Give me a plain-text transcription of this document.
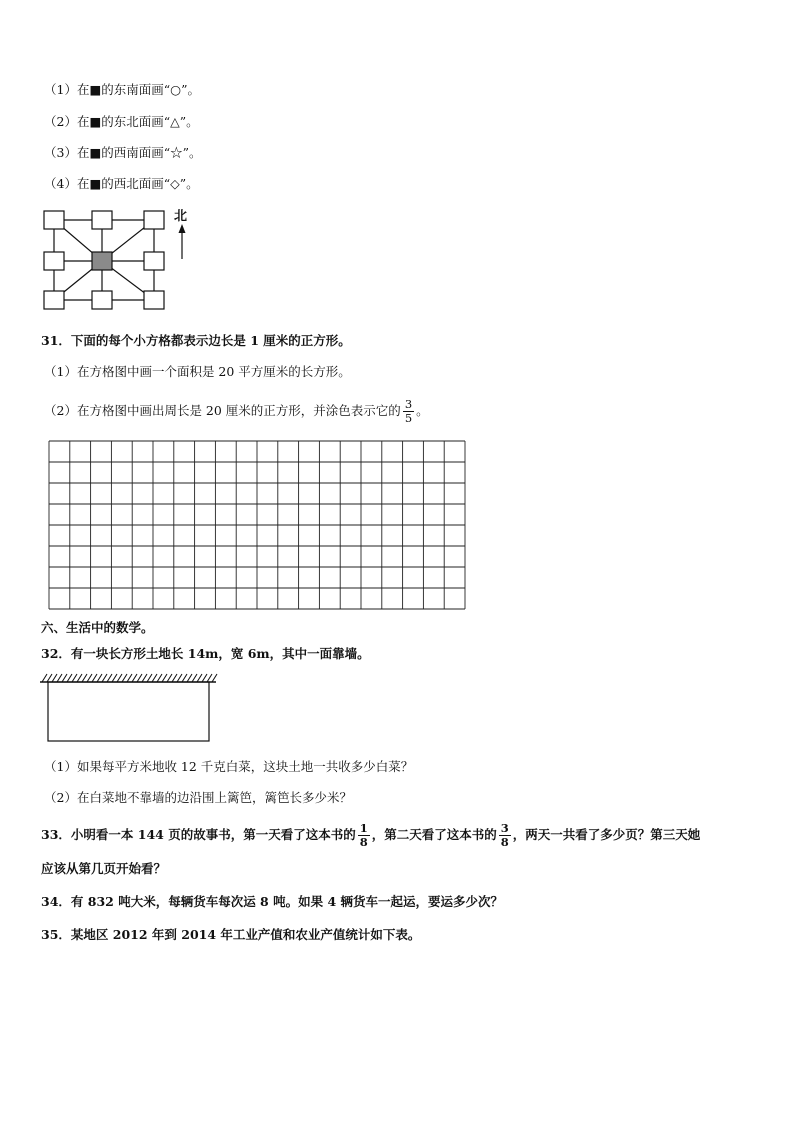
（1）在■的东南面画“○”。
（2）在■的东北面画“△”。
（3）在■的西南面画“☆”。
（4）在■的西北面画“◇”。
北
31．下面的每个小方格都表示边长是 1 厘米的正方形。
（1）在方格图中画一个面积是 20 平方厘米的长方形。
（2）在方格图中画出周长是 20 厘米的正方形，并涂色表示它的 $\frac{3}{5}$ 。
六、生活中的数学。
32．有一块长方形土地长 14m，宽 6m，其中一面靠墙。
（1）如果每平方米地收 12 千克白菜，这块土地一共收多少白菜？
（2）在白菜地不靠墙的边沿围上篱笆，篱笆长多少米？
33．小明看一本 144 页的故事书，第一天看了这本书的 $\frac{1}{8}$ ，第二天看了这本书的 $\frac{3}{8}$ ，两天一共看了多少页？第三天她
应该从第几页开始看？
34．有 832 吨大米，每辆货车每次运 8 吨。如果 4 辆货车一起运，要运多少次？
35．某地区 2012 年到 2014 年工业产值和农业产值统计如下表。
